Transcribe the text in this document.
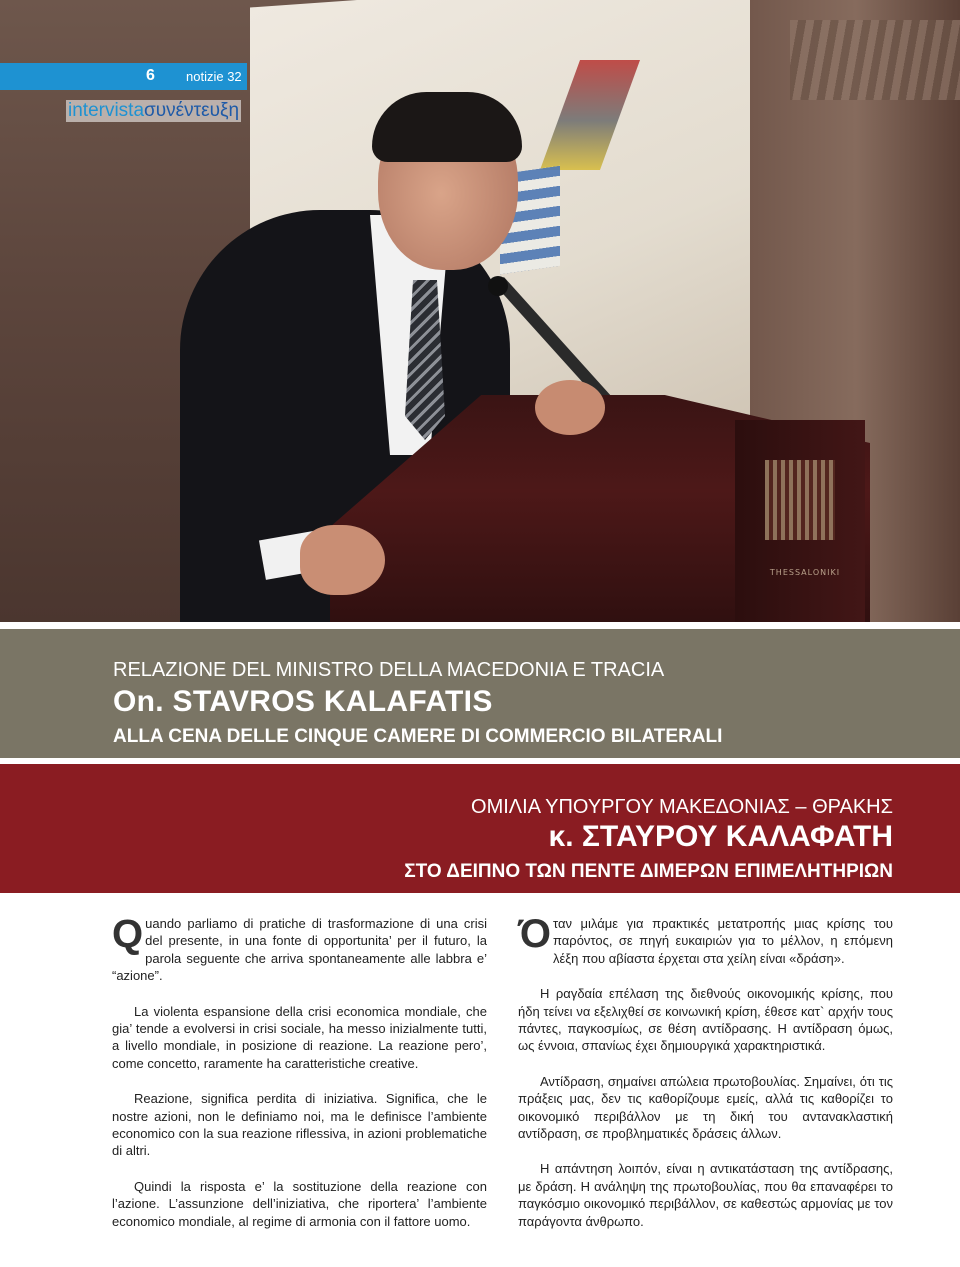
THESSALONIKI
6 notizie 32
intervistaσυνέντευξη
RELAZIONE DEL MINISTRO DELLA MACEDONIA E TRACIA
On. STAVROS KALAFATIS
ALLA CENA DELLE CINQUE CAMERE DI COMMERCIO BILATERALI
ΟΜΙΛΙΑ ΥΠΟΥΡΓΟΥ ΜΑΚΕΔΟΝΙΑΣ – ΘΡΑΚΗΣ
κ. ΣΤΑΥΡΟΥ ΚΑΛΑΦΑΤΗ
ΣΤΟ ΔΕΙΠΝΟ ΤΩΝ ΠΕΝΤΕ ΔΙΜΕΡΩΝ ΕΠΙΜΕΛΗΤΗΡΙΩΝ

Quando parliamo di pratiche di trasformazione di una crisi del presente, in una fonte di opportunita’ per il futuro, la parola seguente che arriva spontaneamente alle labbra e’ “azione”.

La violenta espansione della crisi economica mondiale, che gia’ tende a evolversi in crisi sociale, ha messo inizialmente tutti, a livello mondiale, in posizione di reazione. La reazione pero’, come concetto, raramente ha caratteristiche creative.

Reazione, significa perdita di iniziativa. Significa, che le nostre azioni, non le definiamo noi, ma le definisce l’ambiente economico con la sua reazione riflessiva, in azioni problematiche di altri.

Quindi la risposta e’ la sostituzione della reazione con l’azione. L’assunzione dell’iniziativa, che riportera’ l’ambiente economico mondiale, al regime di armonia con il fattore uomo.

Όταν μιλάμε για πρακτικές μετατροπής μιας κρίσης του παρόντος, σε πηγή ευκαιριών για το μέλλον, η επόμενη λέξη που αβίαστα έρχεται στα χείλη είναι «δράση».

Η ραγδαία επέλαση της διεθνούς οικονομικής κρίσης, που ήδη τείνει να εξελιχθεί σε κοινωνική κρίση, έθεσε κατ` αρχήν τους πάντες, παγκοσμίως, σε θέση αντίδρασης. Η αντίδραση όμως, ως έννοια, σπανίως έχει δημιουργικά χαρακτηριστικά.

Αντίδραση, σημαίνει απώλεια πρωτοβουλίας. Σημαίνει, ότι τις πράξεις μας, δεν τις καθορίζουμε εμείς, αλλά τις καθορίζει το οικονομικό περιβάλλον με τη δική του αντανακλαστική αντίδραση, σε προβληματικές δράσεις άλλων.

Η απάντηση λοιπόν, είναι η αντικατάσταση της αντίδρασης, με δράση. Η ανάληψη της πρωτοβουλίας, που θα επαναφέρει το παγκόσμιο οικονομικό περιβάλλον, σε καθεστώς αρμονίας με τον παράγοντα άνθρωπο.
